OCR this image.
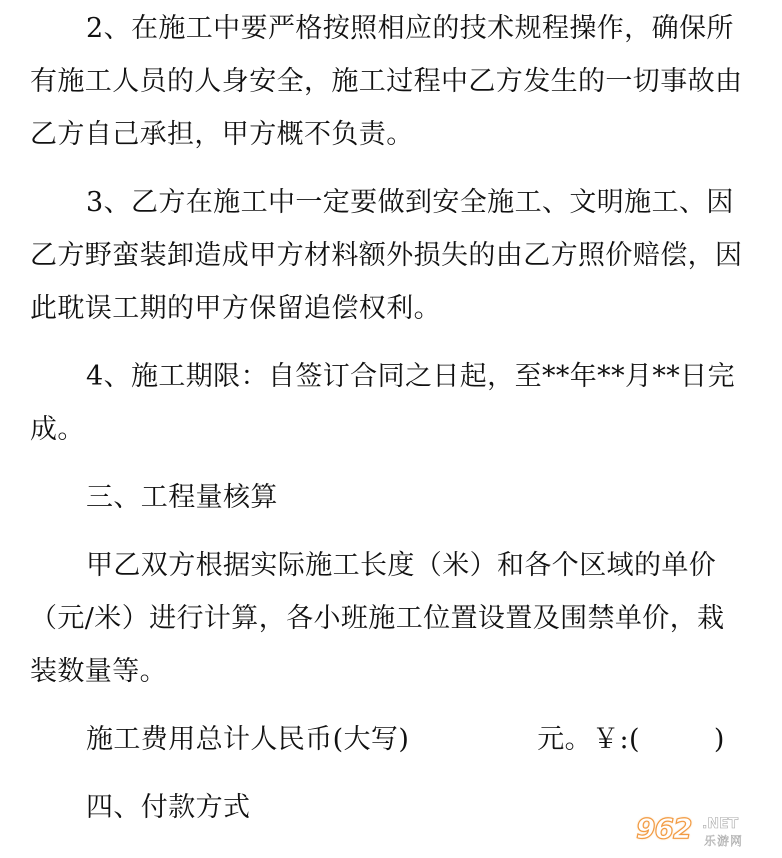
2、在施工中要严格按照相应的技术规程操作，确保所
有施工人员的人身安全，施工过程中乙方发生的一切事故由
乙方自己承担，甲方概不负责。
3、乙方在施工中一定要做到安全施工、文明施工、因
乙方野蛮装卸造成甲方材料额外损失的由乙方照价赔偿，因
此耽误工期的甲方保留追偿权利。
4、施工期限：自签订合同之日起，至**年**月**日完
成。
三、工程量核算
甲乙双方根据实际施工长度（米）和各个区域的单价
（元/米）进行计算，各小班施工位置设置及围禁单价，栽
装数量等。
施工费用总计人民币(大写)	元。￥:(	)
四、付款方式
962 .NET
乐游网
